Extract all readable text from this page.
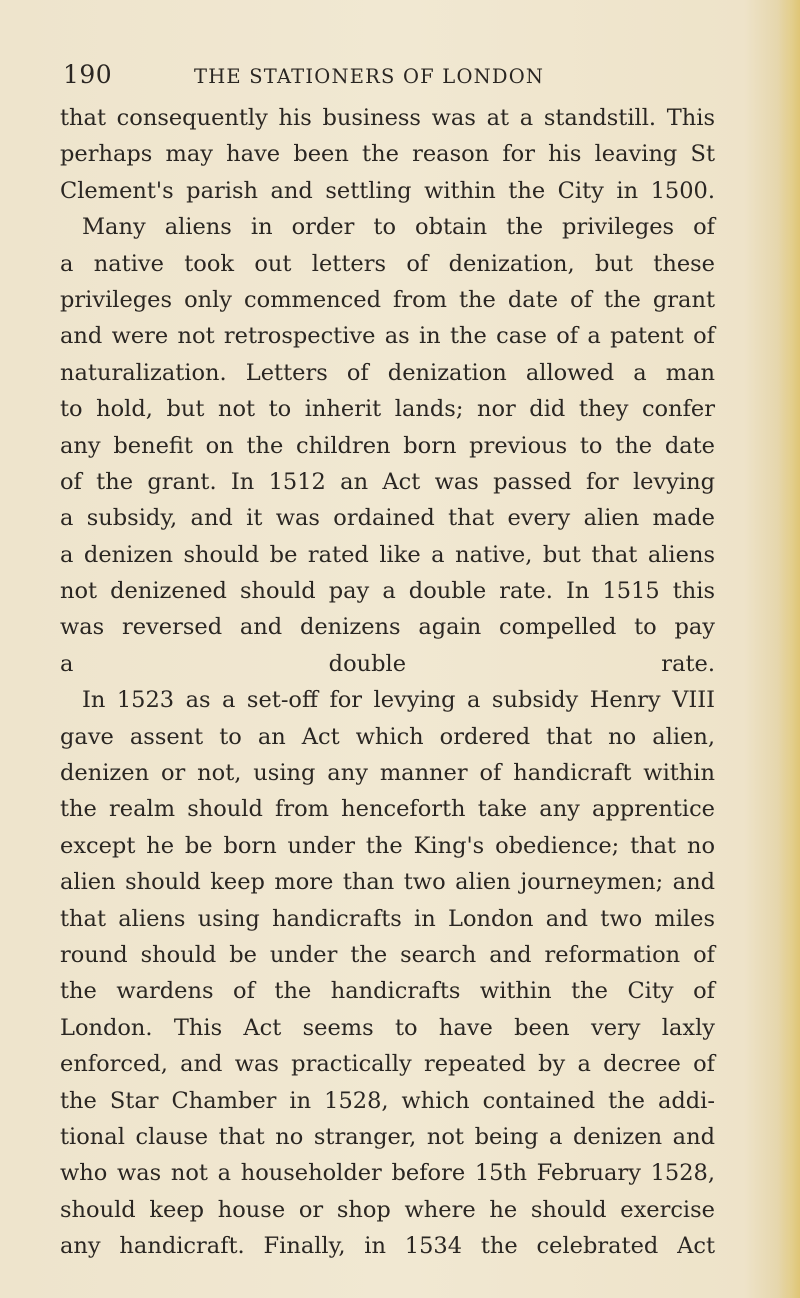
190	THE STATIONERS OF LONDON
that consequently his business was at a standstill. This
perhaps may have been the reason for his leaving St
Clement's parish and settling within the City in 1500.
Many aliens in order to obtain the privileges of
a native took out letters of denization, but these
privileges only commenced from the date of the grant
and were not retrospective as in the case of a patent of
naturalization. Letters of denization allowed a man
to hold, but not to inherit lands; nor did they confer
any benefit on the children born previous to the date
of the grant. In 1512 an Act was passed for levying
a subsidy, and it was ordained that every alien made
a denizen should be rated like a native, but that aliens
not denizened should pay a double rate. In 1515 this
was reversed and denizens again compelled to pay
a double rate.
In 1523 as a set-off for levying a subsidy Henry VIII
gave assent to an Act which ordered that no alien,
denizen or not, using any manner of handicraft within
the realm should from henceforth take any apprentice
except he be born under the King's obedience; that no
alien should keep more than two alien journeymen; and
that aliens using handicrafts in London and two miles
round should be under the search and reformation of
the wardens of the handicrafts within the City of
London. This Act seems to have been very laxly
enforced, and was practically repeated by a decree of
the Star Chamber in 1528, which contained the addi-
tional clause that no stranger, not being a denizen and
who was not a householder before 15th February 1528,
should keep house or shop where he should exercise
any handicraft. Finally, in 1534 the celebrated Act
